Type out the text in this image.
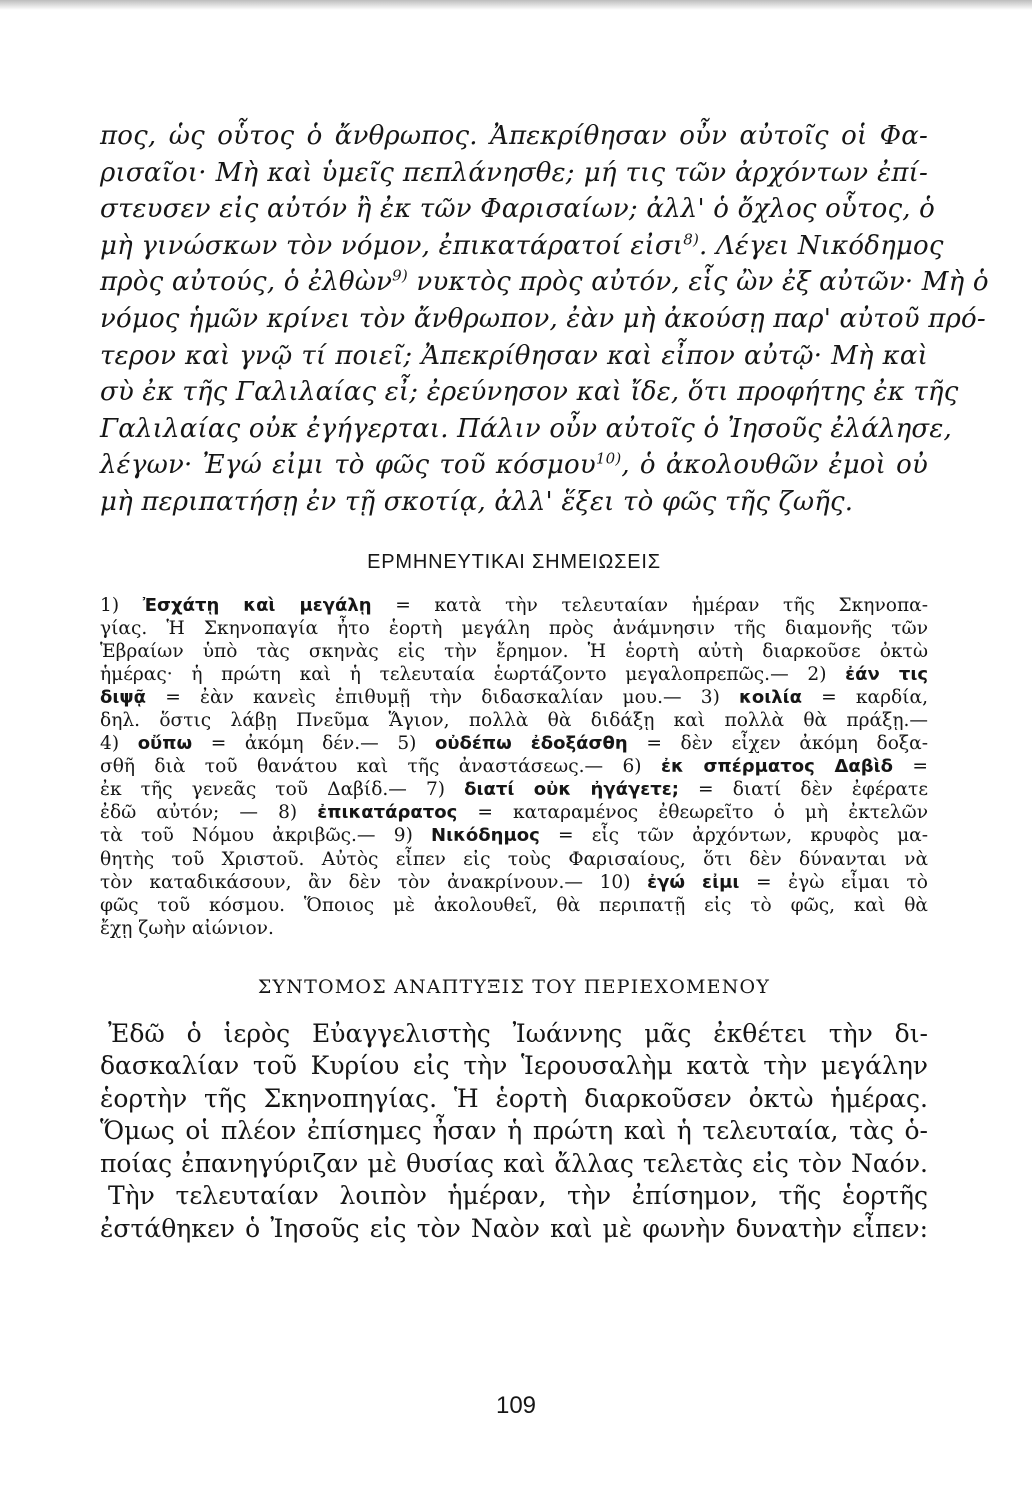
πος, ὡς οὗτος ὁ ἄνθρωπος. Ἀπεκρίθησαν οὖν αὐτοῖς οἱ Φα-
ρισαῖοι· Μὴ καὶ ὑμεῖς πεπλάνησθε; μή τις τῶν ἀρχόντων ἐπί-
στευσεν εἰς αὐτόν ἢ ἐκ τῶν Φαρισαίων; ἀλλ' ὁ ὄχλος οὗτος, ὁ
μὴ γινώσκων τὸν νόμον, ἐπικατάρατοί εἰσι$^{8)}$. Λέγει Νικόδημος
πρὸς αὐτούς, ὁ ἐλθὼν$^{9)}$ νυκτὸς πρὸς αὐτόν, εἷς ὢν ἐξ αὐτῶν· Μὴ ὁ
νόμος ἡμῶν κρίνει τὸν ἄνθρωπον, ἐὰν μὴ ἀκούσῃ παρ' αὐτοῦ πρό-
τερον καὶ γνῷ τί ποιεῖ; Ἀπεκρίθησαν καὶ εἶπον αὐτῷ· Μὴ καὶ
σὺ ἐκ τῆς Γαλιλαίας εἶ; ἐρεύνησον καὶ ἴδε, ὅτι προφήτης ἐκ τῆς
Γαλιλαίας οὐκ ἐγήγερται. Πάλιν οὖν αὐτοῖς ὁ Ἰησοῦς ἐλάλησε,
λέγων· Ἐγώ εἰμι τὸ φῶς τοῦ κόσμου$^{10)}$, ὁ ἀκολουθῶν ἐμοὶ οὐ
μὴ περιπατήσῃ ἐν τῇ σκοτίᾳ, ἀλλ' ἕξει τὸ φῶς τῆς ζωῆς.

ΕΡΜΗΝΕΥΤΙΚΑΙ ΣΗΜΕΙΩΣΕΙΣ
1) Ἐσχάτῃ καὶ μεγάλῃ = κατὰ τὴν τελευταίαν ἡμέραν τῆς Σκηνοπα-
γίας. Ἡ Σκηνοπαγία ἦτο ἑορτὴ μεγάλη πρὸς ἀνάμνησιν τῆς διαμονῆς τῶν
Ἑβραίων ὑπὸ τὰς σκηνὰς εἰς τὴν ἔρημον. Ἡ ἑορτὴ αὐτὴ διαρκοῦσε ὀκτὼ
ἡμέρας· ἡ πρώτη καὶ ἡ τελευταία ἑωρτάζοντο μεγαλοπρεπῶς.— 2) ἐάν τις
διψᾷ = ἐὰν κανεὶς ἐπιθυμῇ τὴν διδασκαλίαν μου.— 3) κοιλία = καρδία,
δηλ. ὅστις λάβῃ Πνεῦμα Ἅγιον, πολλὰ θὰ διδάξῃ καὶ πολλὰ θὰ πράξῃ.—
4) οὔπω = ἀκόμη δέν.— 5) οὐδέπω ἐδοξάσθη = δὲν εἶχεν ἀκόμη δοξα-
σθῆ διὰ τοῦ θανάτου καὶ τῆς ἀναστάσεως.— 6) ἐκ σπέρματος Δαβὶδ =
ἐκ τῆς γενεᾶς τοῦ Δαβίδ.— 7) διατί οὐκ ἠγάγετε; = διατί δὲν ἐφέρατε
ἐδῶ αὐτόν; — 8) ἐπικατάρατος = καταραμένος ἐθεωρεῖτο ὁ μὴ ἐκτελῶν
τὰ τοῦ Νόμου ἀκριβῶς.— 9) Νικόδημος = εἷς τῶν ἀρχόντων, κρυφὸς μα-
θητὴς τοῦ Χριστοῦ. Αὐτὸς εἶπεν εἰς τοὺς Φαρισαίους, ὅτι δὲν δύνανται νὰ
τὸν καταδικάσουν, ἂν δὲν τὸν ἀνακρίνουν.— 10) ἐγώ εἰμι = ἐγὼ εἶμαι τὸ
φῶς τοῦ κόσμου. Ὅποιος μὲ ἀκολουθεῖ, θὰ περιπατῇ εἰς τὸ φῶς, καὶ θὰ
ἔχῃ ζωὴν αἰώνιον.
ΣΥΝΤΟΜΟΣ ΑΝΑΠΤΥΞΙΣ ΤΟΥ ΠΕΡΙΕΧΟΜΕΝΟΥ
Ἐδῶ ὁ ἱερὸς Εὐαγγελιστὴς Ἰωάννης μᾶς ἐκθέτει τὴν δι-
δασκαλίαν τοῦ Κυρίου εἰς τὴν Ἱερουσαλὴμ κατὰ τὴν μεγάλην
ἑορτὴν τῆς Σκηνοπηγίας. Ἡ ἑορτὴ διαρκοῦσεν ὀκτὼ ἡμέρας.
Ὅμως οἱ πλέον ἐπίσημες ἦσαν ἡ πρώτη καὶ ἡ τελευταία, τὰς ὁ-
ποίας ἐπανηγύριζαν μὲ θυσίας καὶ ἄλλας τελετὰς εἰς τὸν Ναόν.
Τὴν τελευταίαν λοιπὸν ἡμέραν, τὴν ἐπίσημον, τῆς ἑορτῆς
ἐστάθηκεν ὁ Ἰησοῦς εἰς τὸν Ναὸν καὶ μὲ φωνὴν δυνατὴν εἶπεν:
109
